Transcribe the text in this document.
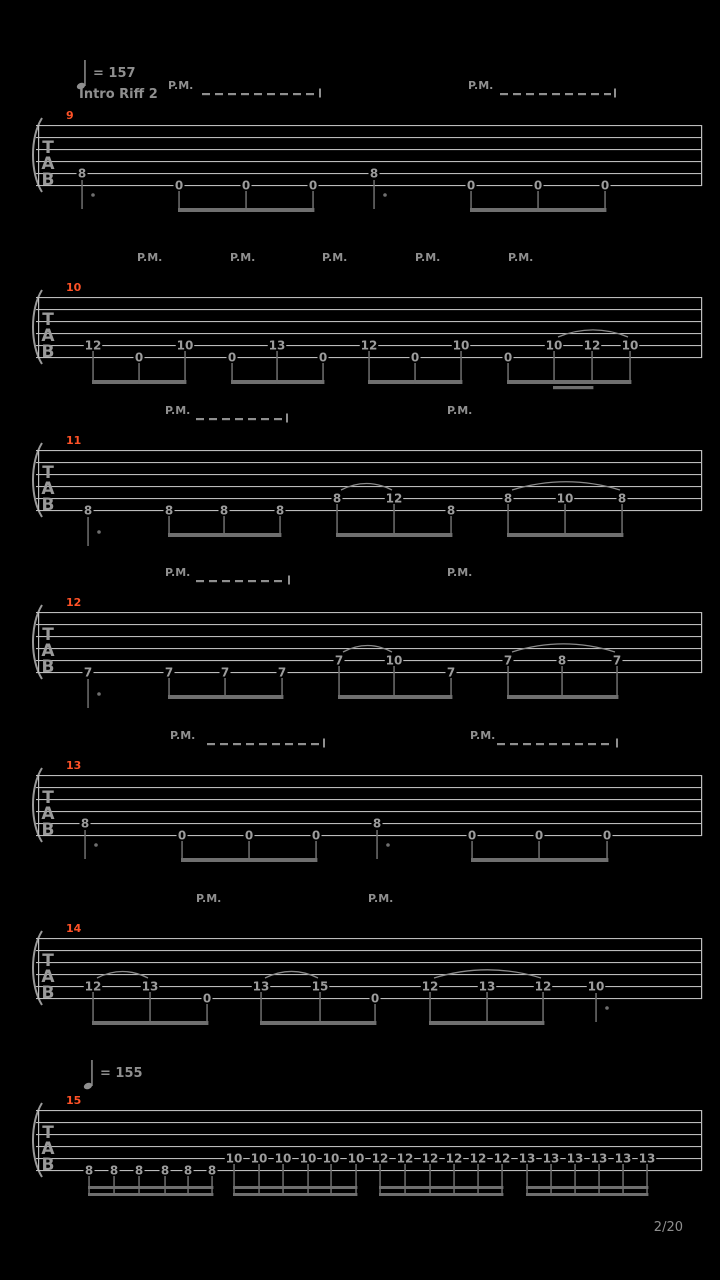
= 157
Intro Riff 2
T
A
B
9
P.M.	P.M.
8
0	0	0
8
0	0	0
T
A
B
10
P.M.	P.M.	P.M.	P.M.	P.M.
12
0
10
0
13
0
12
0
10
0
10 12 10
T
A
B
11
P.M.	P.M.
8	8	8	8
8	12
8
8	10	8
T
A
B
12
P.M.	P.M.
7	7	7	7
7	10
7
7	8	7
T
A
B
13
P.M.	P.M.
8
0	0	0
8
0	0	0
T
A
B
14
P.M.	P.M.
12	13
0
13	15
0
12	13	12	10
T
A
B
15
= 155
8 8 8 8 8 8
10 10 10 10 10 10 12 12 12 12 12 12 13 13 13 13 13 13
2/20
